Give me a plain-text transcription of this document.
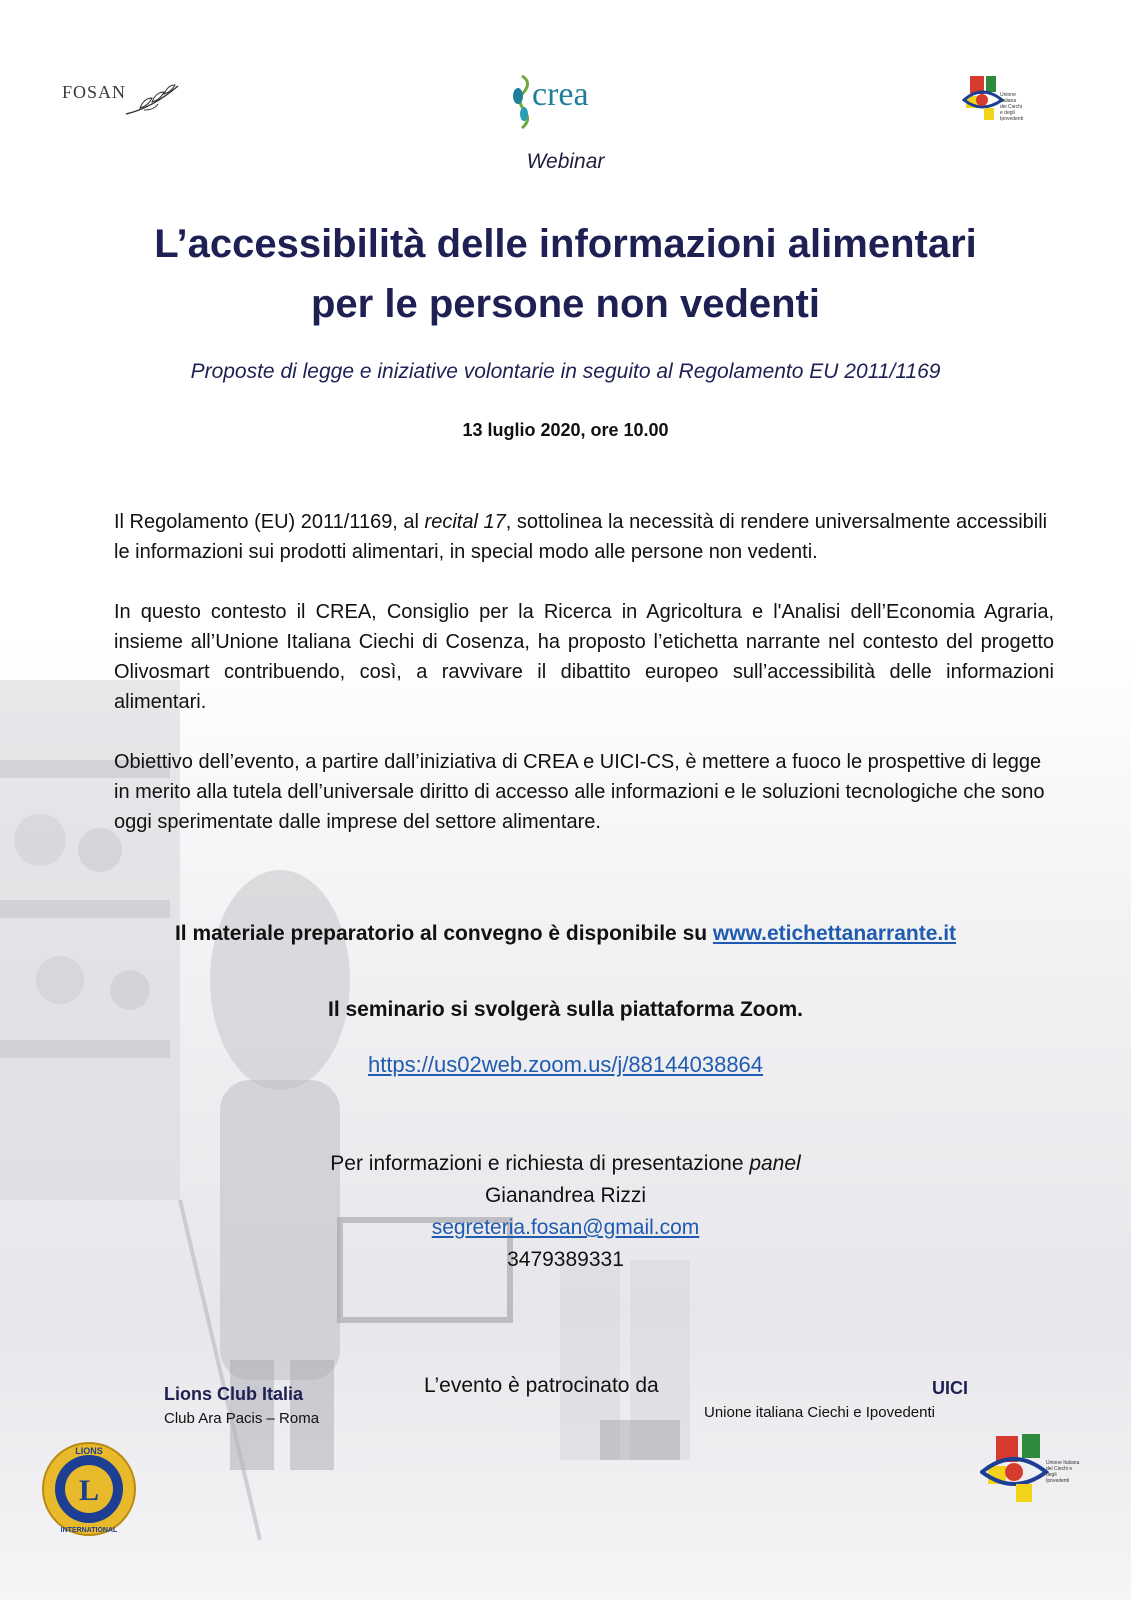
FOSAN	crea	Unione Italiana dei Ciechi e degli Ipovedenti
Webinar
L’accessibilità delle informazioni alimentari
per le persone non vedenti
Proposte di legge e iniziative volontarie in seguito al Regolamento EU 2011/1169
13 luglio 2020, ore 10.00
Il Regolamento (EU) 2011/1169, al recital 17, sottolinea la necessità di rendere universalmente accessibili le informazioni sui prodotti alimentari, in special modo alle persone non vedenti.
In questo contesto il CREA, Consiglio per la Ricerca in Agricoltura e l'Analisi dell’Economia Agraria, insieme all’Unione Italiana Ciechi di Cosenza, ha proposto l’etichetta narrante nel contesto del progetto Olivosmart contribuendo, così, a ravvivare il dibattito europeo sull’accessibilità delle informazioni alimentari.
Obiettivo dell’evento, a partire dall’iniziativa di CREA e UICI-CS, è mettere a fuoco le prospettive di legge in merito alla tutela dell’universale diritto di accesso alle informazioni e le soluzioni tecnologiche che sono oggi sperimentate dalle imprese del settore alimentare.
Il materiale preparatorio al convegno è disponibile su www.etichettanarrante.it
Il seminario si svolgerà sulla piattaforma Zoom.
https://us02web.zoom.us/j/88144038864
Per informazioni e richiesta di presentazione panel
Gianandrea Rizzi
segreteria.fosan@gmail.com
3479389331
Lions Club Italia
Club Ara Pacis – Roma
L
LIONS
INTERNATIONAL
L’evento è patrocinato da	UICI
Unione italiana Ciechi e Ipovedenti
Unione Italiana dei Ciechi e degli Ipovedenti
